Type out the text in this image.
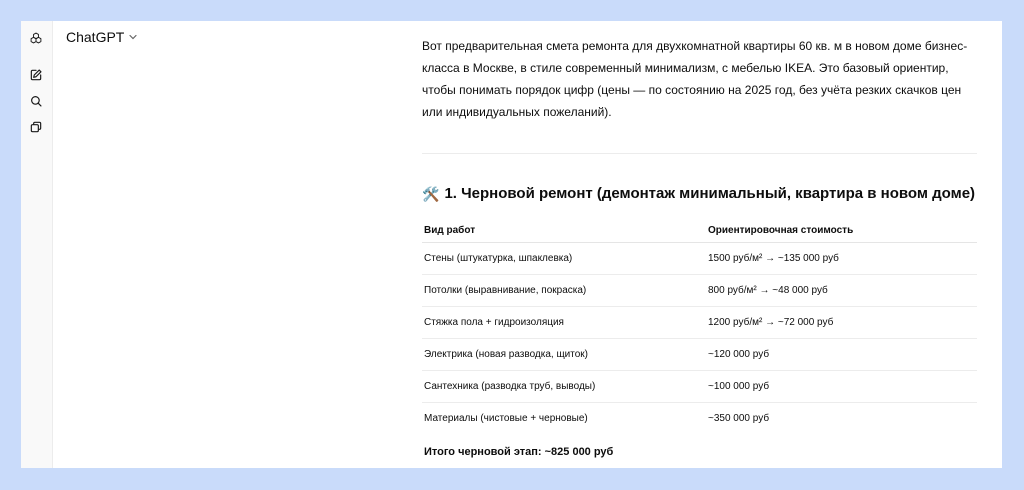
ChatGPT

Вот предварительная смета ремонта для двухкомнатной квартиры 60 кв. м в новом доме бизнес-класса в Москве, в стиле современный минимализм, с мебелью IKEA. Это базовый ориентир, чтобы понимать порядок цифр (цены — по состоянию на 2025 год, без учёта резких скачков цен или индивидуальных пожеланий).

🛠️ 1. Черновой ремонт (демонтаж минимальный, квартира в новом доме)
Вид работ	Ориентировочная стоимость
Стены (штукатурка, шпаклевка)	1500 руб/м² → ~135 000 руб
Потолки (выравнивание, покраска)	800 руб/м² → ~48 000 руб
Стяжка пола + гидроизоляция	1200 руб/м² → ~72 000 руб
Электрика (новая разводка, щиток)	~120 000 руб
Сантехника (разводка труб, выводы)	~100 000 руб
Материалы (чистовые + черновые)	~350 000 руб
Итого черновой этап: ~825 000 руб
